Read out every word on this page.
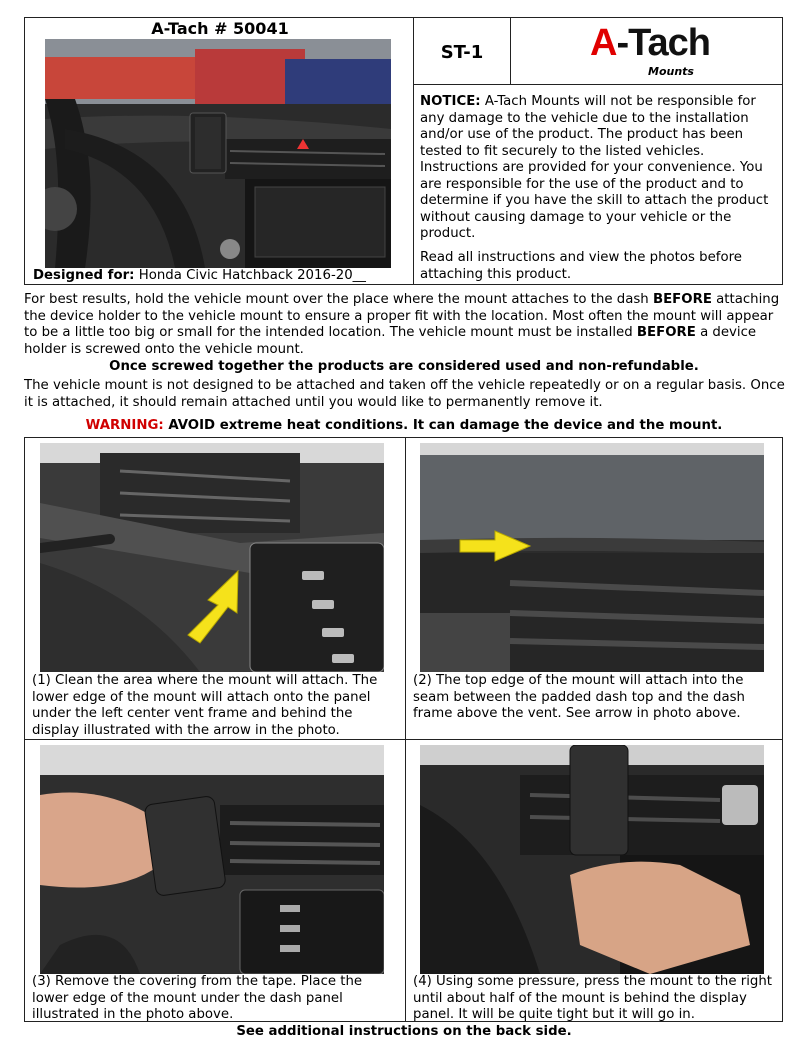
A-Tach # 50041
Designed for: Honda Civic Hatchback 2016-20__
ST-1	A-Tach
Mounts
NOTICE: A-Tach Mounts will not be responsible for any damage to the vehicle due to the installation and/or use of the product. The product has been tested to fit securely to the listed vehicles. Instructions are provided for your convenience. You are responsible for the use of the product and to determine if you have the skill to attach the product without causing damage to your vehicle or the product.
Read all instructions and view the photos before attaching this product.
For best results, hold the vehicle mount over the place where the mount attaches to the dash BEFORE attaching the device holder to the vehicle mount to ensure a proper fit with the location. Most often the mount will appear to be a little too big or small for the intended location. The vehicle mount must be installed BEFORE a device holder is screwed onto the vehicle mount.
Once screwed together the products are considered used and non-refundable.
The vehicle mount is not designed to be attached and taken off the vehicle repeatedly or on a regular basis. Once it is attached, it should remain attached until you would like to permanently remove it.
WARNING: AVOID extreme heat conditions. It can damage the device and the mount.
(1) Clean the area where the mount will attach. The lower edge of the mount will attach onto the panel under the left center vent frame and behind the display illustrated with the arrow in the photo.
(2) The top edge of the mount will attach into the seam between the padded dash top and the dash frame above the vent. See arrow in photo above.
(3) Remove the covering from the tape. Place the lower edge of the mount under the dash panel illustrated in the photo above.
(4) Using some pressure, press the mount to the right until about half of the mount is behind the display panel. It will be quite tight but it will go in.
See additional instructions on the back side.
